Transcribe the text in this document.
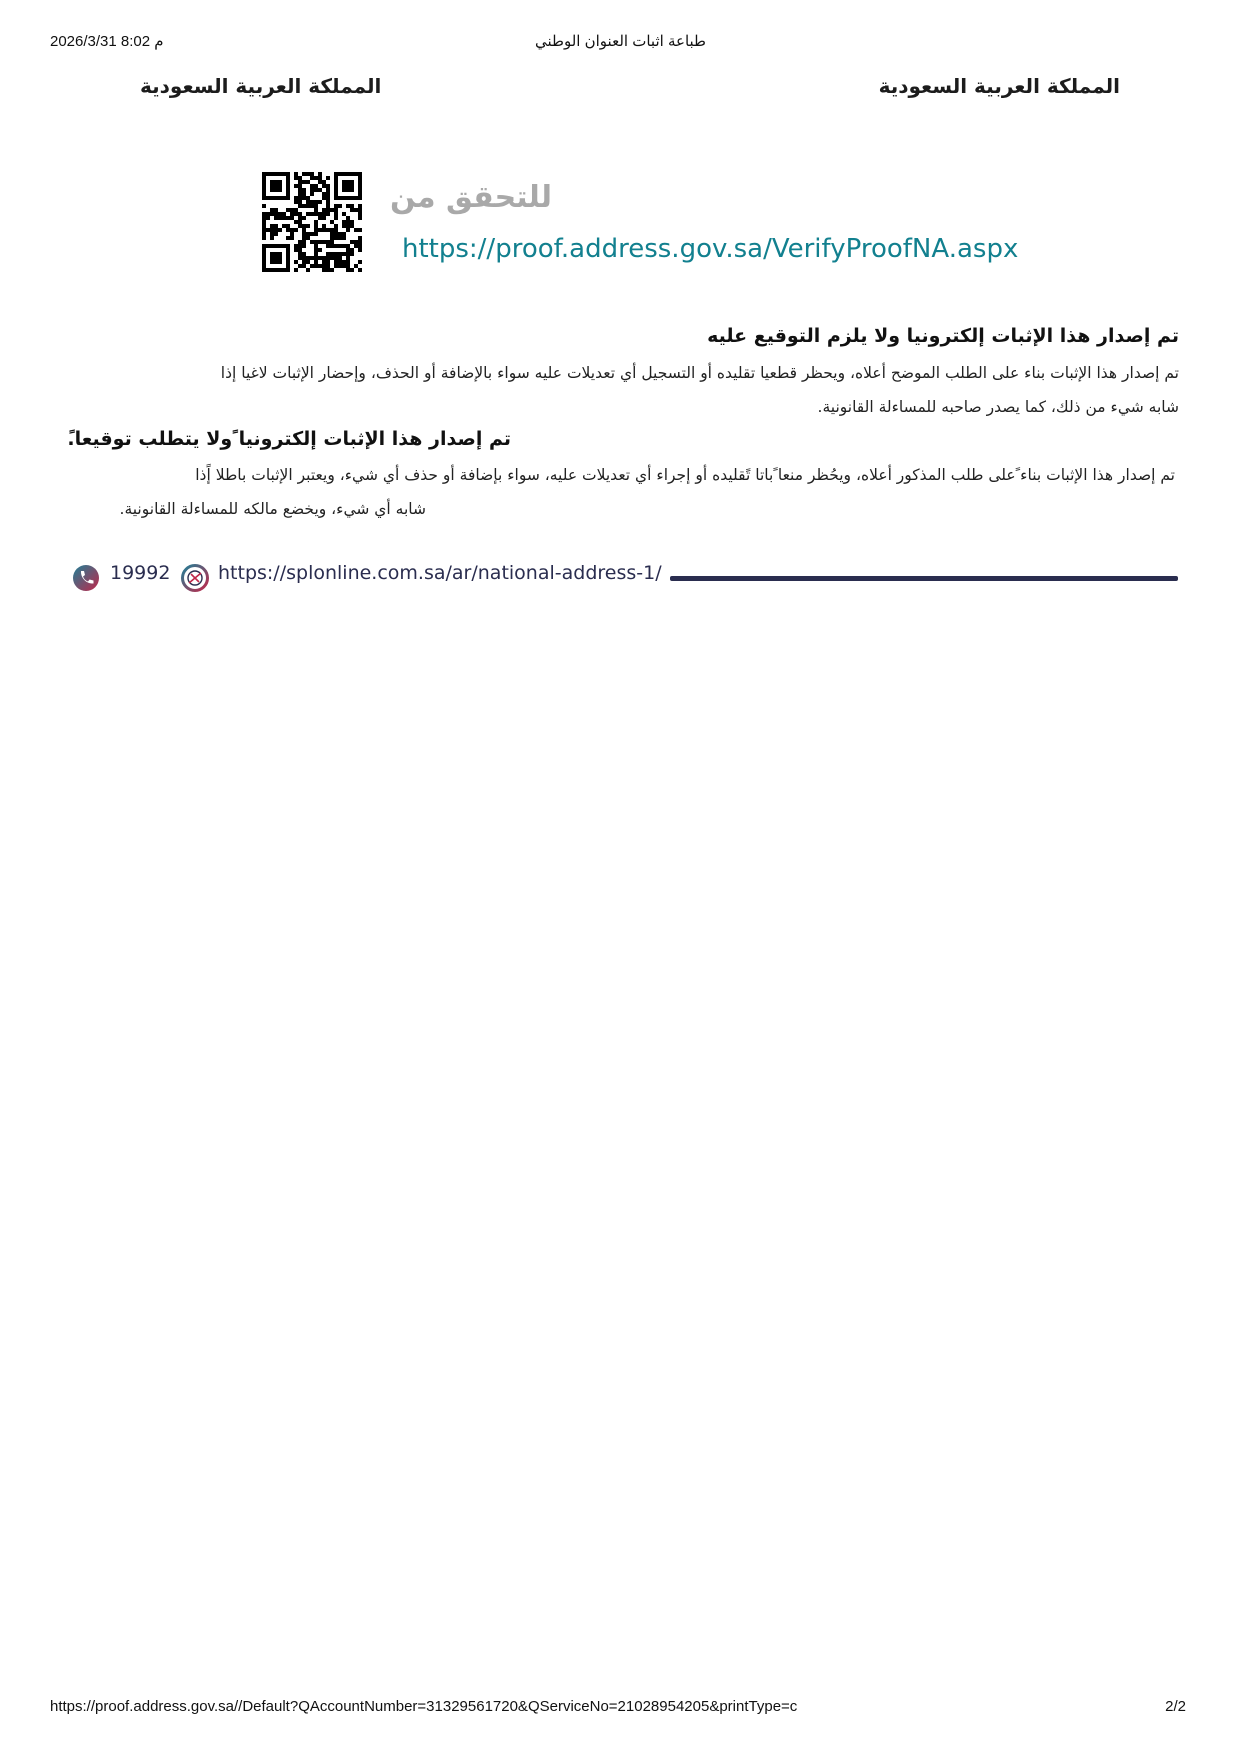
2026/3/31 8:02 م	طباعة اثبات العنوان الوطني
المملكة العربية السعودية
المملكة العربية السعودية
للتحقق من
https://proof.address.gov.sa/VerifyProofNA.aspx
تم إصدار هذا الإثبات إلكترونيا ولا يلزم التوقيع عليه
تم إصدار هذا الإثبات بناء على الطلب الموضح أعلاه، ويحظر قطعيا تقليده أو التسجيل أي تعديلات عليه سواء بالإضافة أو الحذف، وإحضار الإثبات لاغيا إذا
شابه شيء من ذلك، كما يصدر صاحبه للمساءلة القانونية.
تم إصدار هذا الإثبات إلكترونيا ًولا يتطلب توقيعا.ً
تم إصدار هذا الإثبات بناء ًعلى طلب المذكور أعلاه، ويحُظر منعا ًباتا تًقليده أو إجراء أي تعديلات عليه، سواء بإضافة أو حذف أي شيء، ويعتبر الإثبات باطلا إًذا
شابه أي شيء، ويخضع مالكه للمساءلة القانونية.
19992	https://splonline.com.sa/ar/national-address-1/
https://proof.address.gov.sa//Default?QAccountNumber=31329561720&QServiceNo=21028954205&printType=c	2/2
